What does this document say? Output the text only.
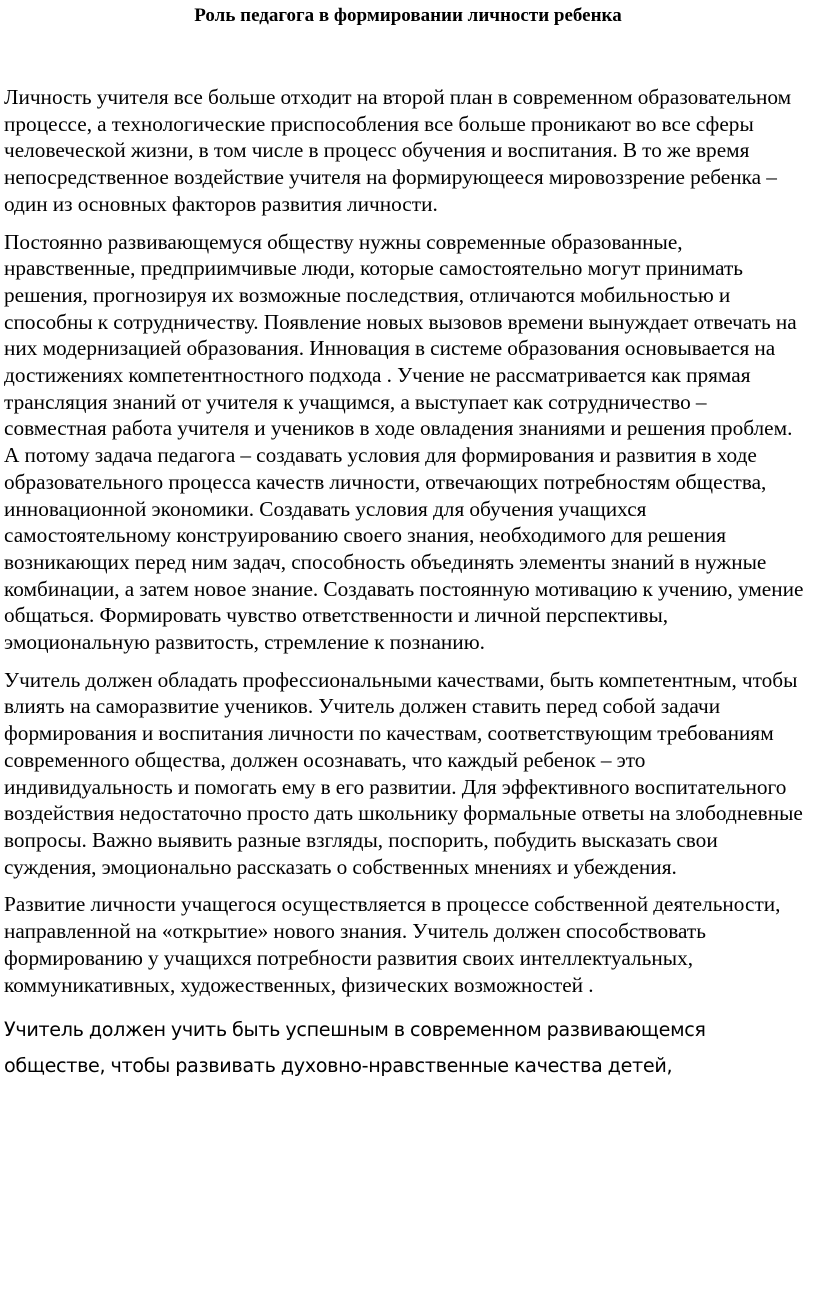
Роль педагога в формировании личности ребенка

Личность учителя все больше отходит на второй план в современном образовательном процессе, а технологические приспособления все больше проникают во все сферы человеческой жизни, в том числе в процесс обучения и воспитания. В то же время непосредственное воздействие учителя на формирующееся мировоззрение ребенка – один из основных факторов развития личности.

Постоянно развивающемуся обществу нужны современные образованные, нравственные, предприимчивые люди, которые самостоятельно могут принимать решения, прогнозируя их возможные последствия, отличаются мобильностью и способны к сотрудничеству. Появление новых вызовов времени вынуждает отвечать на них модернизацией образования. Инновация в системе образования основывается на достижениях компетентностного подхода . Учение не рассматривается как прямая трансляция знаний от учителя к учащимся, а выступает как сотрудничество – совместная работа учителя и учеников в ходе овладения знаниями и решения проблем. А потому задача педагога – создавать условия для формирования и развития в ходе образовательного процесса качеств личности, отвечающих потребностям общества, инновационной экономики. Создавать условия для обучения учащихся самостоятельному конструированию своего знания, необходимого для решения возникающих перед ним задач, способность объединять элементы знаний в нужные комбинации, а затем новое знание. Создавать постоянную мотивацию к учению, умение общаться. Формировать чувство ответственности и личной перспективы, эмоциональную развитость, стремление к познанию.

Учитель должен обладать профессиональными качествами, быть компетентным, чтобы влиять на саморазвитие учеников. Учитель должен ставить перед собой задачи формирования и воспитания личности по качествам, соответствующим требованиям современного общества, должен осознавать, что каждый ребенок – это индивидуальность и помогать ему в его развитии. Для эффективного воспитательного воздействия недостаточно просто дать школьнику формальные ответы на злободневные вопросы. Важно выявить разные взгляды, поспорить, побудить высказать свои суждения, эмоционально рассказать о собственных мнениях и убеждения.

Развитие личности учащегося осуществляется в процессе собственной деятельности, направленной на «открытие» нового знания. Учитель должен способствовать формированию у учащихся потребности развития своих интеллектуальных, коммуникативных, художественных, физических возможностей .

Учитель должен учить быть успешным в современном развивающемся обществе, чтобы развивать духовно-нравственные качества детей,
